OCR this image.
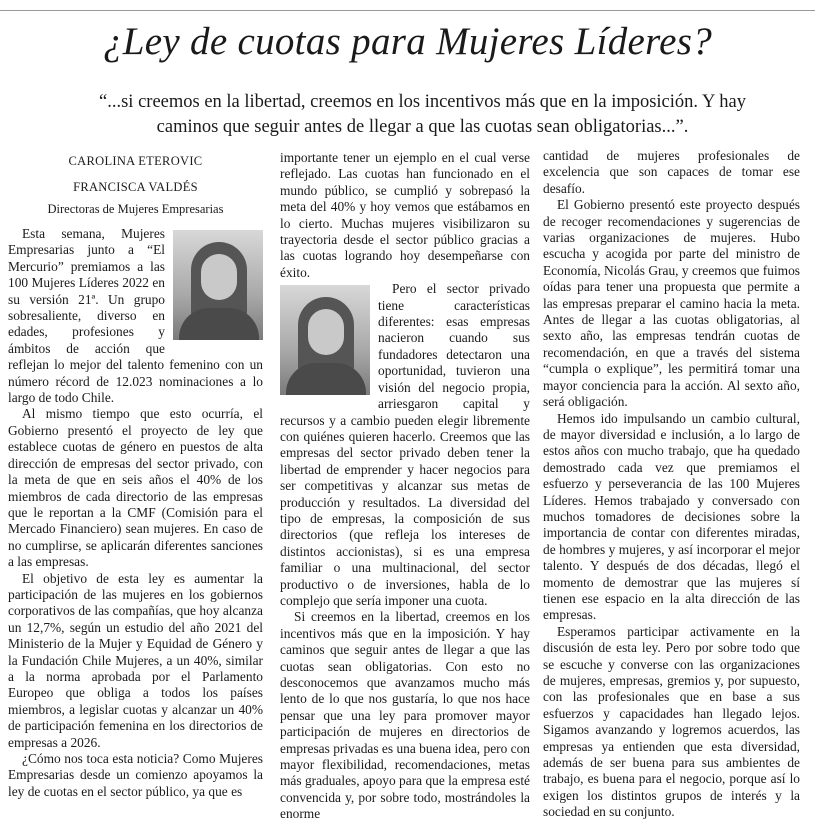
¿Ley de cuotas para Mujeres Líderes?
“...si creemos en la libertad, creemos en los incentivos más que en la imposición. Y hay caminos que seguir antes de llegar a que las cuotas sean obligatorias...”.
CAROLINA ETEROVIC
FRANCISCA VALDÉS
Directoras de Mujeres Empresarias

Esta semana, Mujeres Empresarias junto a “El Mercurio” premiamos a las 100 Mujeres Líderes 2022 en su versión 21ª. Un grupo sobresaliente, diverso en edades, profesiones y ámbitos de acción que reflejan lo mejor del talento femenino con un número récord de 12.023 nominaciones a lo largo de todo Chile.

Al mismo tiempo que esto ocurría, el Gobierno presentó el proyecto de ley que establece cuotas de género en puestos de alta dirección de empresas del sector privado, con la meta de que en seis años el 40% de los miembros de cada directorio de las empresas que le reportan a la CMF (Comisión para el Mercado Financiero) sean mujeres. En caso de no cumplirse, se aplicarán diferentes sanciones a las empresas.

El objetivo de esta ley es aumentar la participación de las mujeres en los gobiernos corporativos de las compañías, que hoy alcanza un 12,7%, según un estudio del año 2021 del Ministerio de la Mujer y Equidad de Género y la Fundación Chile Mujeres, a un 40%, similar a la norma aprobada por el Parlamento Europeo que obliga a todos los países miembros, a legislar cuotas y alcanzar un 40% de participación femenina en los directorios de empresas a 2026.

¿Cómo nos toca esta noticia? Como Mujeres Empresarias desde un comienzo apoyamos la ley de cuotas en el sector público, ya que es

importante tener un ejemplo en el cual verse reflejado. Las cuotas han funcionado en el mundo público, se cumplió y sobrepasó la meta del 40% y hoy vemos que estábamos en lo cierto. Muchas mujeres visibilizaron su trayectoria desde el sector público gracias a las cuotas logrando hoy desempeñarse con éxito.

Pero el sector privado tiene características diferentes: esas empresas nacieron cuando sus fundadores detectaron una oportunidad, tuvieron una visión del negocio propia, arriesgaron capital y recursos y a cambio pueden elegir libremente con quiénes quieren hacerlo. Creemos que las empresas del sector privado deben tener la libertad de emprender y hacer negocios para ser competitivas y alcanzar sus metas de producción y resultados. La diversidad del tipo de empresas, la composición de sus directorios (que refleja los intereses de distintos accionistas), si es una empresa familiar o una multinacional, del sector productivo o de inversiones, habla de lo complejo que sería imponer una cuota.

Si creemos en la libertad, creemos en los incentivos más que en la imposición. Y hay caminos que seguir antes de llegar a que las cuotas sean obligatorias. Con esto no desconocemos que avanzamos mucho más lento de lo que nos gustaría, lo que nos hace pensar que una ley para promover mayor participación de mujeres en directorios de empresas privadas es una buena idea, pero con mayor flexibilidad, recomendaciones, metas más graduales, apoyo para que la empresa esté convencida y, por sobre todo, mostrándoles la enorme

cantidad de mujeres profesionales de excelencia que son capaces de tomar ese desafío.

El Gobierno presentó este proyecto después de recoger recomendaciones y sugerencias de varias organizaciones de mujeres. Hubo escucha y acogida por parte del ministro de Economía, Nicolás Grau, y creemos que fuimos oídas para tener una propuesta que permite a las empresas preparar el camino hacia la meta. Antes de llegar a las cuotas obligatorias, al sexto año, las empresas tendrán cuotas de recomendación, en que a través del sistema “cumpla o explique”, les permitirá tomar una mayor conciencia para la acción. Al sexto año, será obligación.

Hemos ido impulsando un cambio cultural, de mayor diversidad e inclusión, a lo largo de estos años con mucho trabajo, que ha quedado demostrado cada vez que premiamos el esfuerzo y perseverancia de las 100 Mujeres Líderes. Hemos trabajado y conversado con muchos tomadores de decisiones sobre la importancia de contar con diferentes miradas, de hombres y mujeres, y así incorporar el mejor talento. Y después de dos décadas, llegó el momento de demostrar que las mujeres sí tienen ese espacio en la alta dirección de las empresas.

Esperamos participar activamente en la discusión de esta ley. Pero por sobre todo que se escuche y converse con las organizaciones de mujeres, empresas, gremios y, por supuesto, con las profesionales que en base a sus esfuerzos y capacidades han llegado lejos. Sigamos avanzando y logremos acuerdos, las empresas ya entienden que esta diversidad, además de ser buena para sus ambientes de trabajo, es buena para el negocio, porque así lo exigen los distintos grupos de interés y la sociedad en su conjunto.
